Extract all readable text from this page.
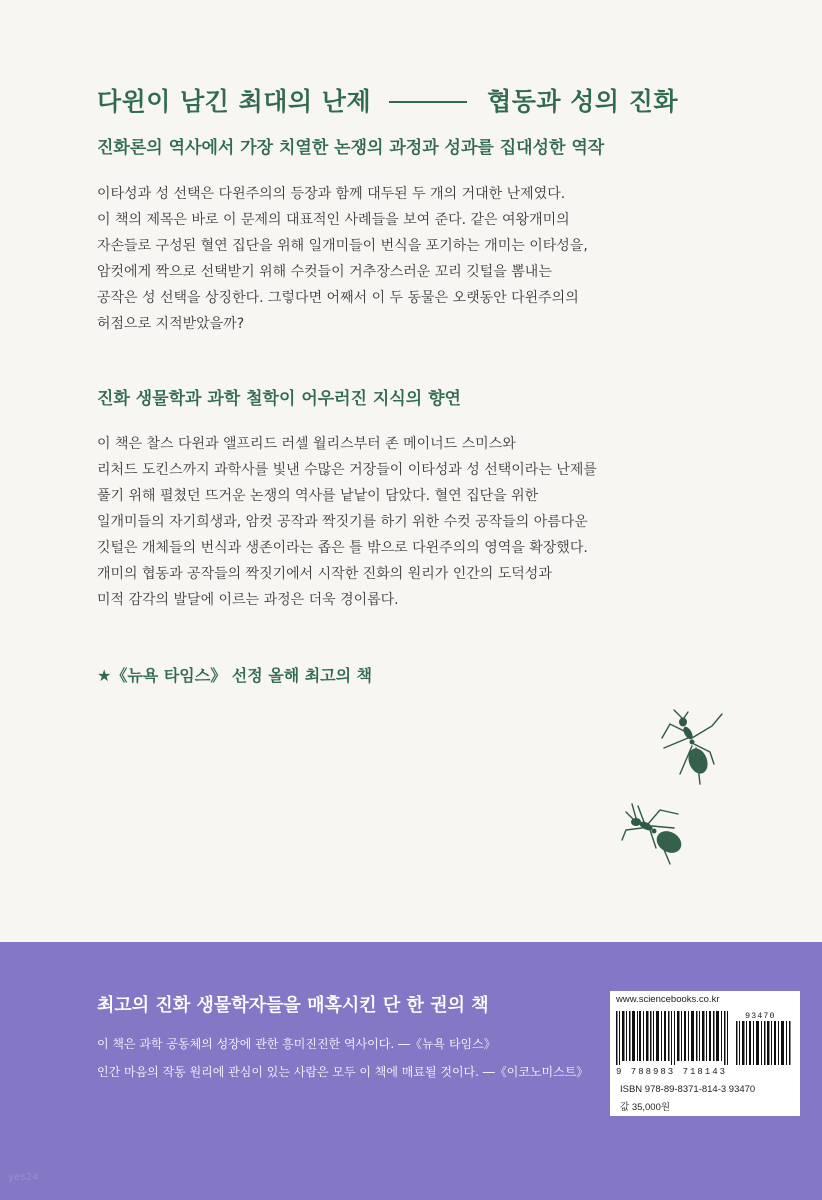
다윈이 남긴 최대의 난제	협동과 성의 진화
진화론의 역사에서 가장 치열한 논쟁의 과정과 성과를 집대성한 역작

이타성과 성 선택은 다윈주의의 등장과 함께 대두된 두 개의 거대한 난제였다.
이 책의 제목은 바로 이 문제의 대표적인 사례들을 보여 준다. 같은 여왕개미의
자손들로 구성된 혈연 집단을 위해 일개미들이 번식을 포기하는 개미는 이타성을,
암컷에게 짝으로 선택받기 위해 수컷들이 거추장스러운 꼬리 깃털을 뽐내는
공작은 성 선택을 상징한다. 그렇다면 어째서 이 두 동물은 오랫동안 다윈주의의
허점으로 지적받았을까?

진화 생물학과 과학 철학이 어우러진 지식의 향연

이 책은 찰스 다윈과 앨프리드 러셀 월리스부터 존 메이너드 스미스와
리처드 도킨스까지 과학사를 빛낸 수많은 거장들이 이타성과 성 선택이라는 난제를
풀기 위해 펼쳤던 뜨거운 논쟁의 역사를 낱낱이 담았다. 혈연 집단을 위한
일개미들의 자기희생과, 암컷 공작과 짝짓기를 하기 위한 수컷 공작들의 아름다운
깃털은 개체들의 번식과 생존이라는 좁은 틀 밖으로 다윈주의의 영역을 확장했다.
개미의 협동과 공작들의 짝짓기에서 시작한 진화의 원리가 인간의 도덕성과
미적 감각의 발달에 이르는 과정은 더욱 경이롭다.

★《뉴욕 타임스》 선정 올해 최고의 책
최고의 진화 생물학자들을 매혹시킨 단 한 권의 책
이 책은 과학 공동체의 성장에 관한 흥미진진한 역사이다. ―《뉴욕 타임스》
인간 마음의 작동 원리에 관심이 있는 사람은 모두 이 책에 매료될 것이다. ―《이코노미스트》
yes24
www.sciencebooks.co.kr
93470
9 788983 718143
ISBN 978-89-8371-814-3 93470
값 35,000원
